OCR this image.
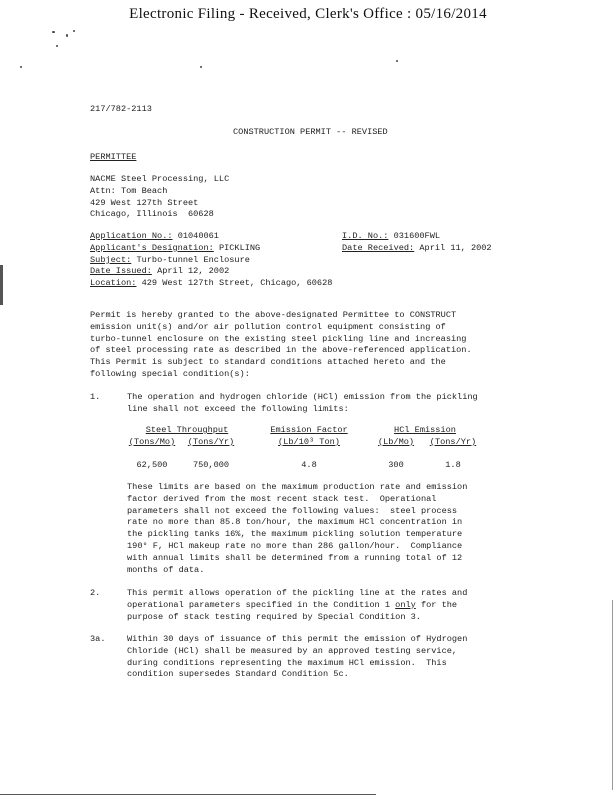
Electronic Filing - Received, Clerk's Office : 05/16/2014
217/782-2113
CONSTRUCTION PERMIT -- REVISED
PERMITTEE
NACME Steel Processing, LLC
Attn: Tom Beach
429 West 127th Street
Chicago, Illinois  60628
Application No.: 01040061
Applicant's Designation: PICKLING
Subject: Turbo-tunnel Enclosure
Date Issued: April 12, 2002
Location: 429 West 127th Street, Chicago, 60628
I.D. No.: 031600FWL
Date Received: April 11, 2002
Permit is hereby granted to the above-designated Permittee to CONSTRUCT
emission unit(s) and/or air pollution control equipment consisting of
turbo-tunnel enclosure on the existing steel pickling line and increasing
of steel processing rate as described in the above-referenced application.
This Permit is subject to standard conditions attached hereto and the
following special condition(s):
1.	The operation and hydrogen chloride (HCl) emission from the pickling
line shall not exceed the following limits:
Steel Throughput
(Tons/Mo)	(Tons/Yr)
Emission Factor
(Lb/10³ Ton)
HCl Emission
(Lb/Mo)	(Tons/Yr)
62,500	750,000	4.8	300	1.8
These limits are based on the maximum production rate and emission
factor derived from the most recent stack test.  Operational
parameters shall not exceed the following values:  steel process
rate no more than 85.8 ton/hour, the maximum HCl concentration in
the pickling tanks 16%, the maximum pickling solution temperature
190° F, HCl makeup rate no more than 286 gallon/hour.  Compliance
with annual limits shall be determined from a running total of 12
months of data.
2.	This permit allows operation of the pickling line at the rates and
operational parameters specified in the Condition 1 only for the
purpose of stack testing required by Special Condition 3.
3a.	Within 30 days of issuance of this permit the emission of Hydrogen
Chloride (HCl) shall be measured by an approved testing service,
during conditions representing the maximum HCl emission.  This
condition supersedes Standard Condition 5c.
